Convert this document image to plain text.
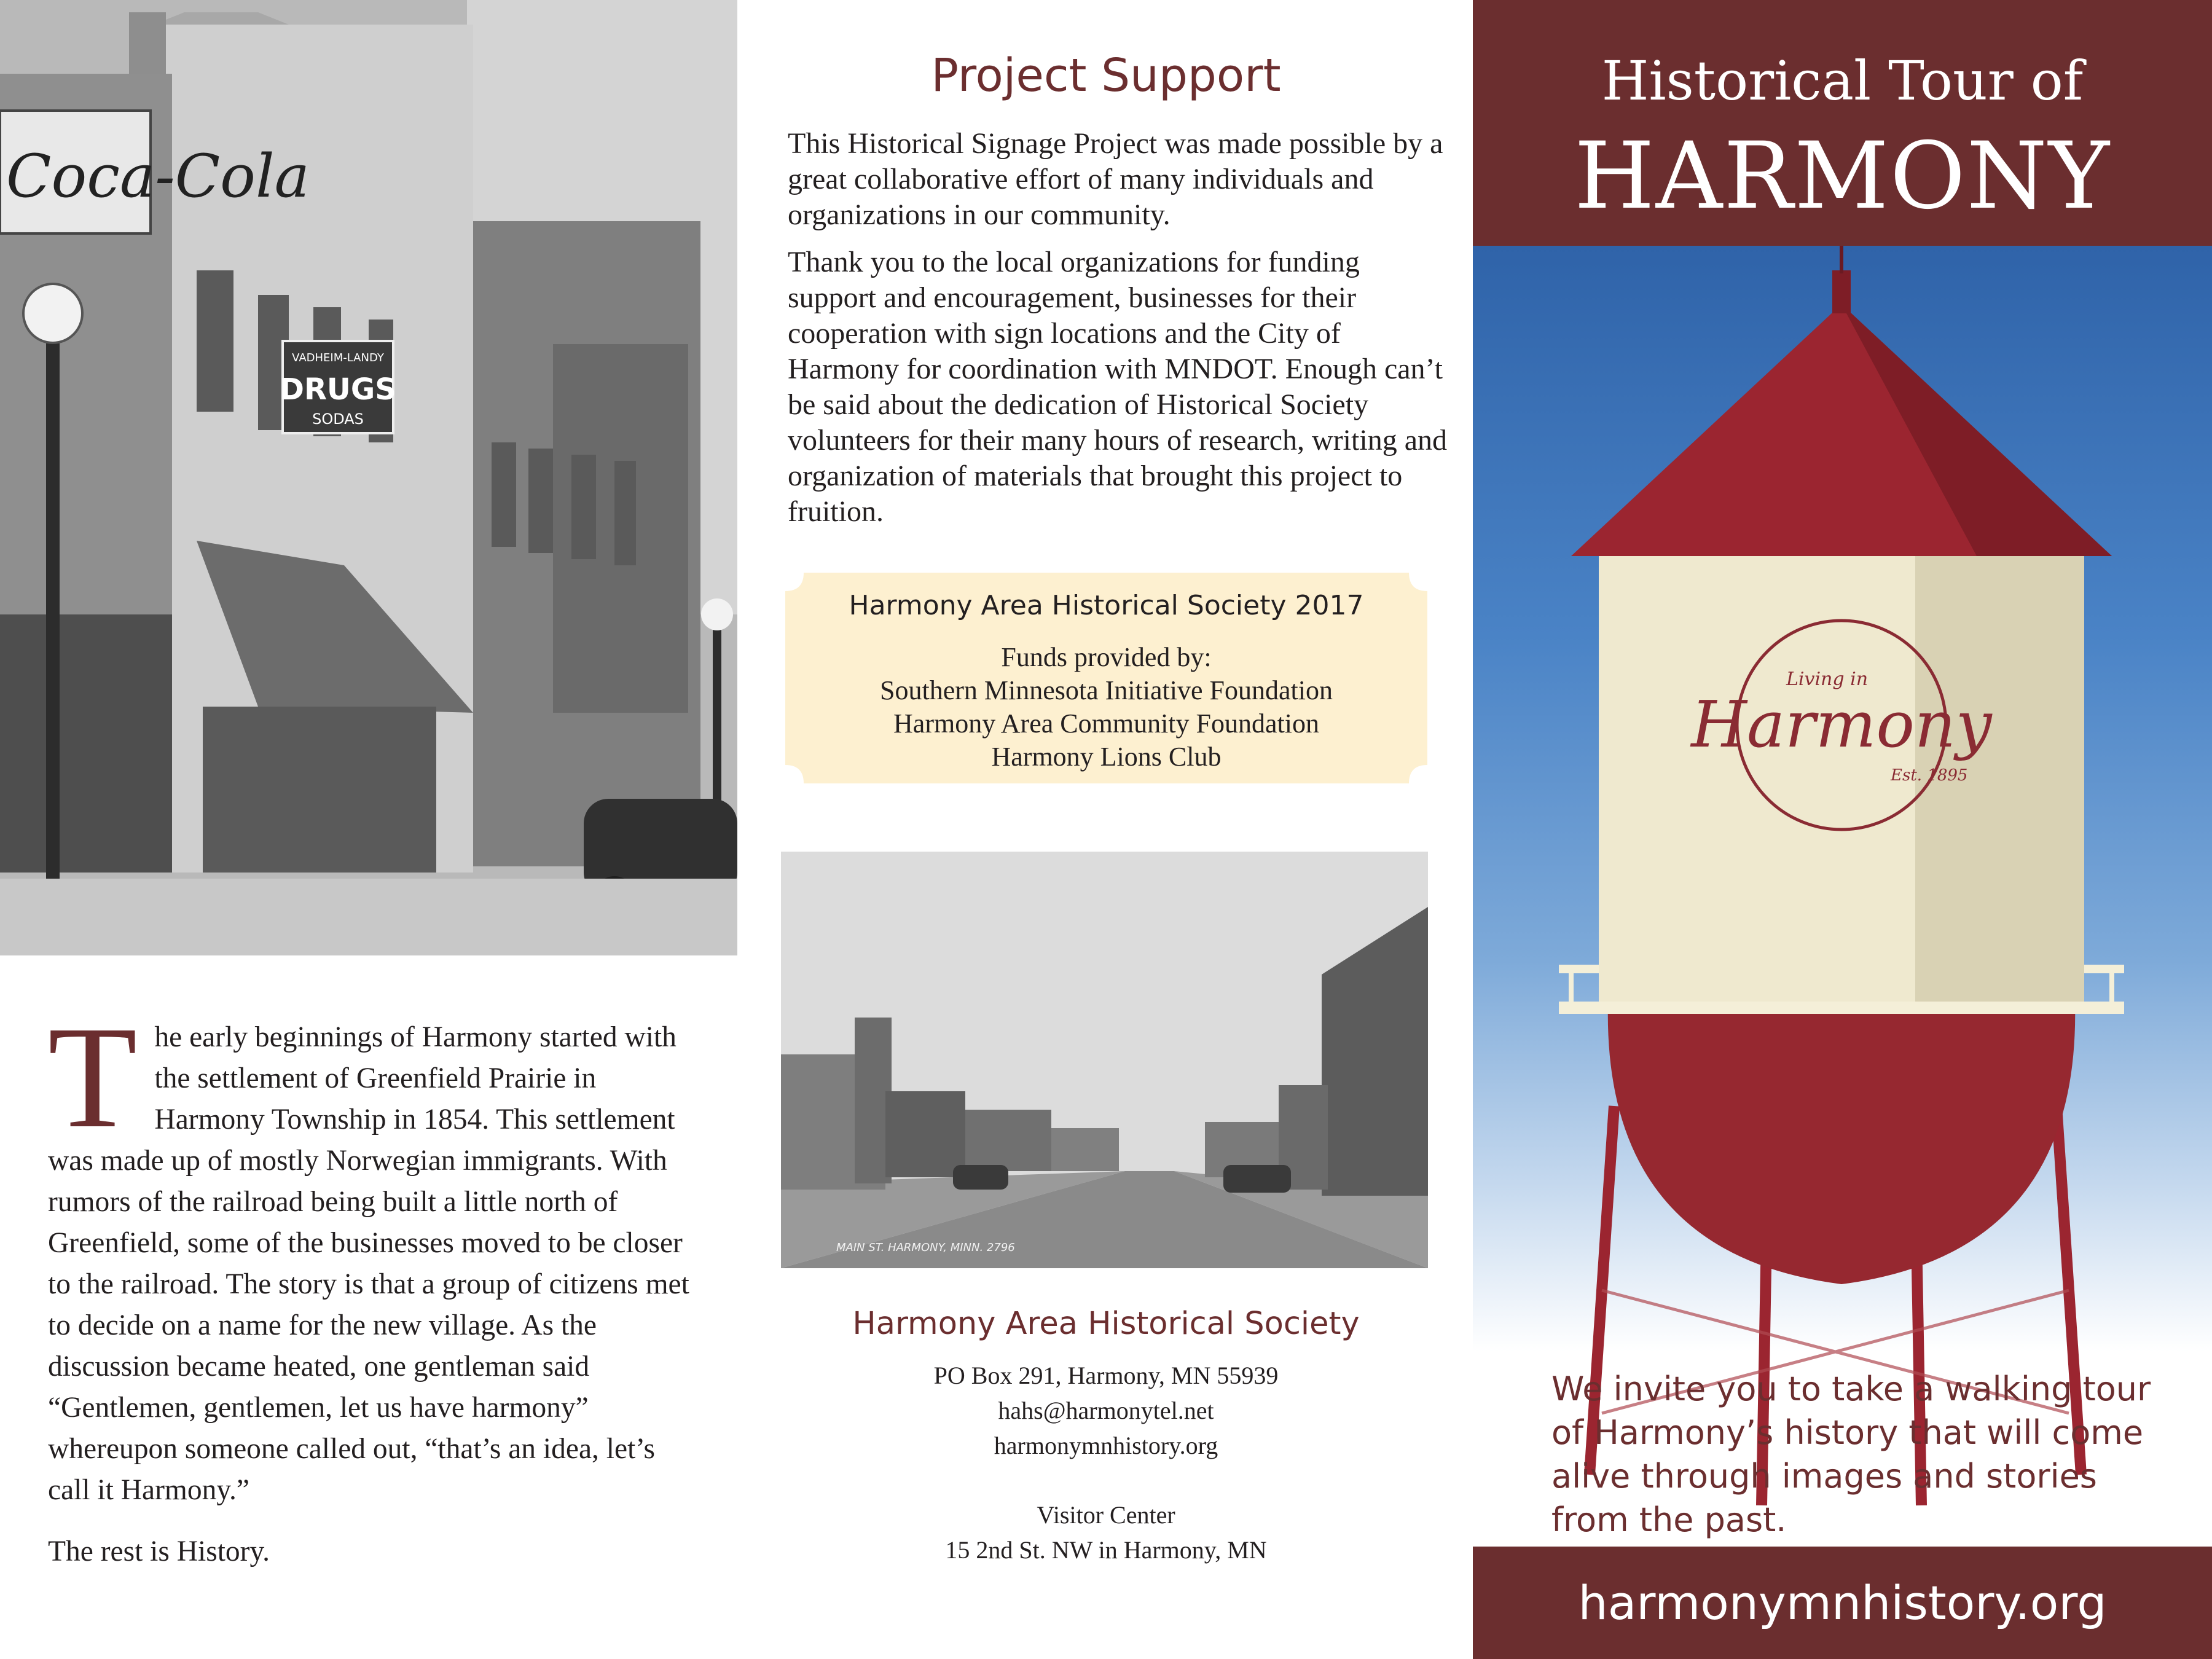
Coca-Cola
VADHEIM-LANDY
DRUGS
SODAS
T he early beginnings of Harmony started with the settlement of Greenfield Prairie in Harmony Township in 1854. This settlement was made up of mostly Norwegian immigrants. With rumors of the railroad being built a little north of Greenfield, some of the businesses moved to be closer to the railroad. The story is that a group of citizens met to decide on a name for the new village. As the discussion became heated, one gentleman said “Gentlemen, gentlemen, let us have harmony” whereupon someone called out, “that’s an idea, let’s call it Harmony.”

The rest is History.
Project Support

This Historical Signage Project was made possible by a great collaborative effort of many individuals and organizations in our community.

Thank you to the local organizations for funding support and encouragement, businesses for their cooperation with sign locations and the City of Harmony for coordination with MNDOT. Enough can’t be said about the dedication of Historical Society volunteers for their many hours of research, writing and organization of materials that brought this project to fruition.

Harmony Area Historical Society 2017
Funds provided by:
Southern Minnesota Initiative Foundation
Harmony Area Community Foundation
Harmony Lions Club
MAIN ST. HARMONY, MINN. 2796
Harmony Area Historical Society
PO Box 291, Harmony, MN 55939
hahs@harmonytel.net
harmonymnhistory.org
Visitor Center
15 2nd St. NW in Harmony, MN
Historical Tour of
HARMONY
Living in
Harmony
Est. 1895

We invite you to take a walking tour of Harmony’s history that will come alive through images and stories from the past.

harmonymnhistory.org
